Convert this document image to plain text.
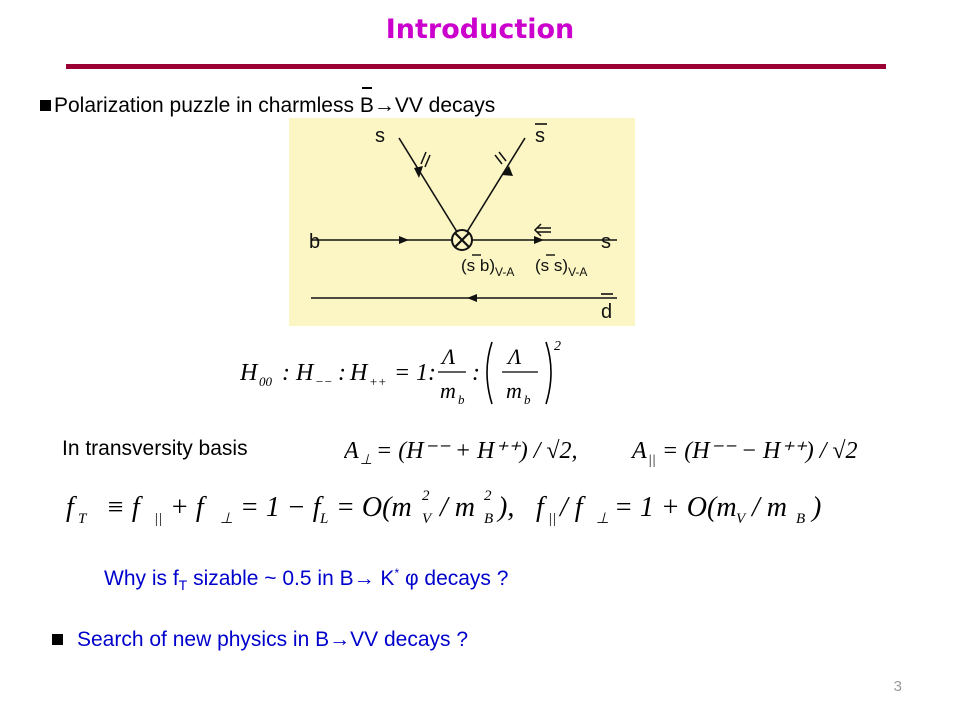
Introduction
Polarization puzzle in charmless B→VV decays
s	s
b	s
d
(s $b)_{V-A}$ (s $s)_{V-A}$
H 00 : H −− : H ++ = 1 :
Λ
m b
:
Λ
m b
2
In transversity basis	A ⊥ = (H⁻⁻ + H⁺⁺) / √2, A || = (H⁻⁻ − H⁺⁺) / √2
f T ≡ f || + f ⊥ = 1 − f L = O(m V
2 / m B
2 ), f || / f ⊥ = 1 + O(m V / m B )
Why is $f_T$ sizable ~ 0.5 in B→ K* φ decays ?
Search of new physics in B→VV decays ?
3
